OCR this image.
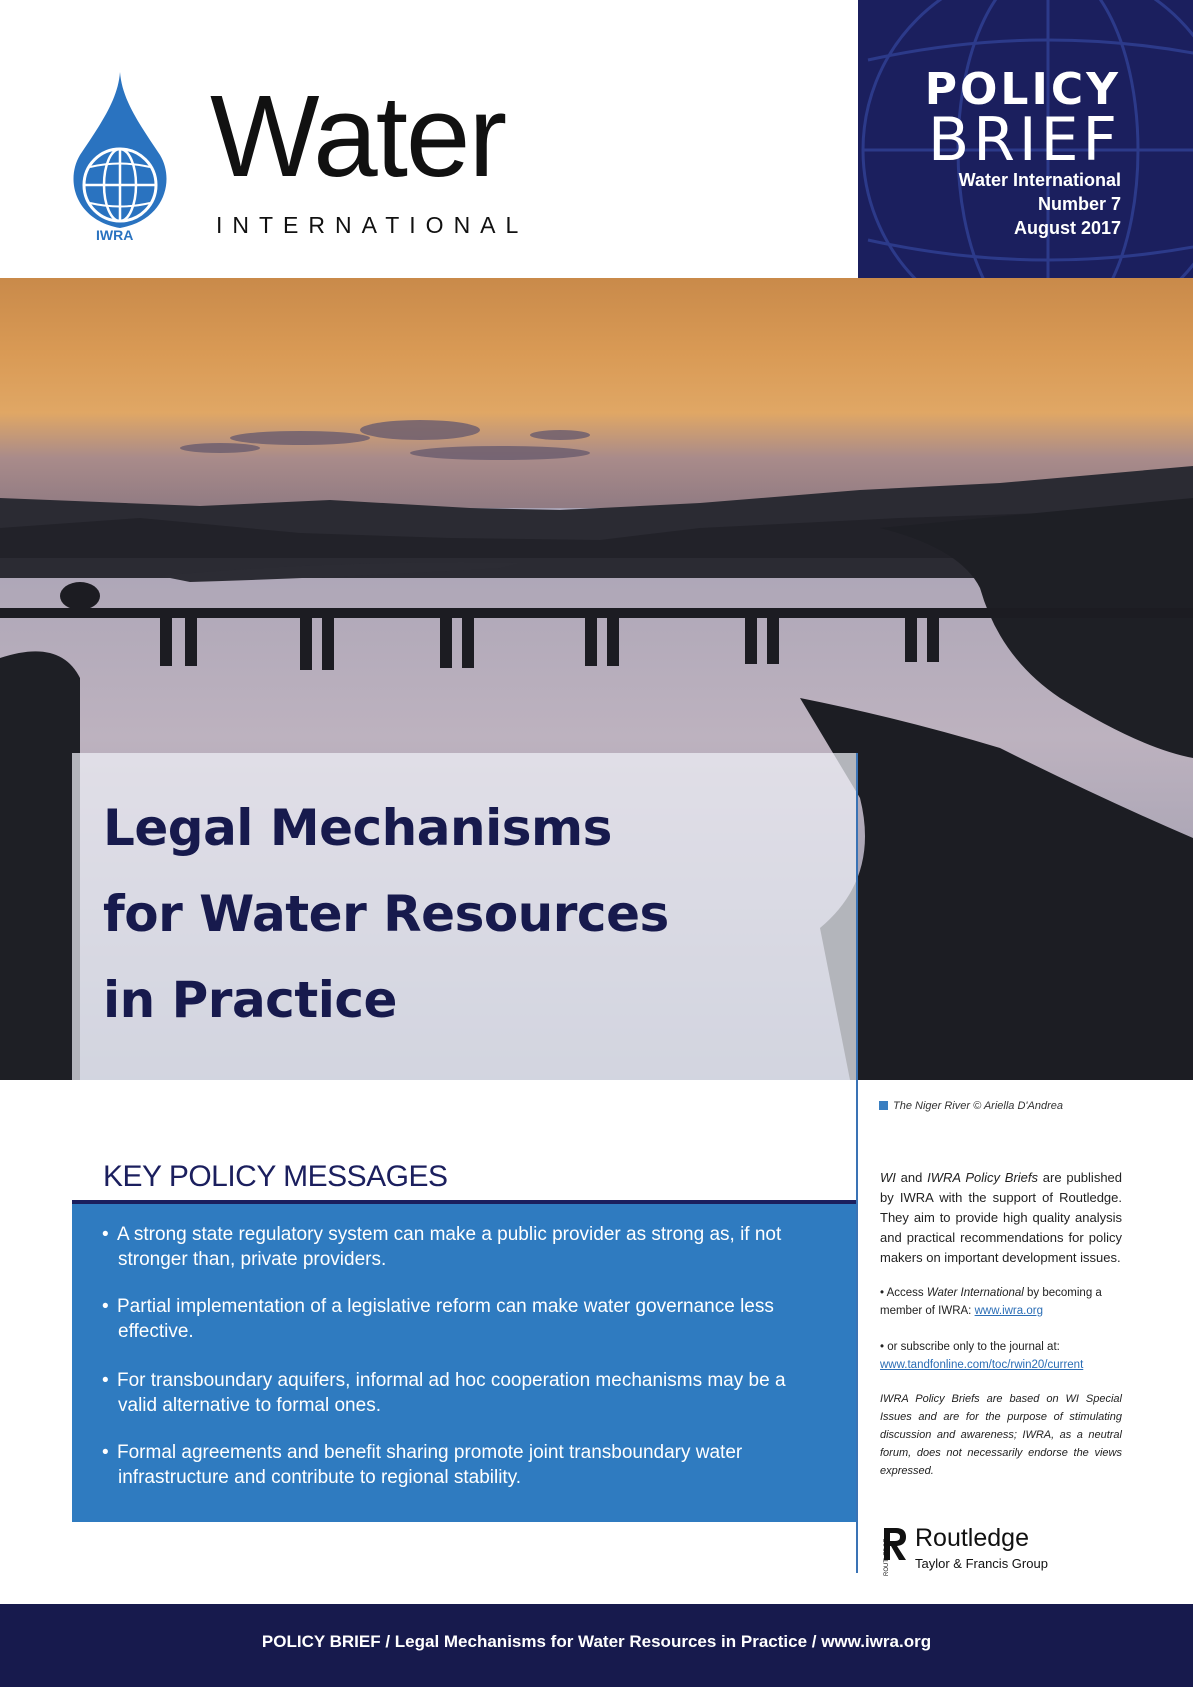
IWRA
Water
INTERNATIONAL
POLICY
BRIEF
Water International
Number 7
August 2017
Legal Mechanisms
for Water Resources
in Practice
The Niger River © Ariella D'Andrea
KEY POLICY MESSAGES
• A strong state regulatory system can make a public provider as strong as, if not
stronger than, private providers.
• Partial implementation of a legislative reform can make water governance less
effective.
• For transboundary aquifers, informal ad hoc cooperation mechanisms may be a
valid alternative to formal ones.
• Formal agreements and benefit sharing promote joint transboundary water
infrastructure and contribute to regional stability.
WI and IWRA Policy Briefs are published by IWRA with the support of Routledge. They aim to provide high quality analysis and practical recommendations for policy makers on important development issues.
• Access Water International by becoming a member of IWRA: www.iwra.org
• or subscribe only to the journal at:
www.tandfonline.com/toc/rwin20/current
IWRA Policy Briefs are based on WI Special Issues and are for the purpose of stimulating discussion and awareness; IWRA, as a neutral forum, does not necessarily endorse the views expressed.
ROUTLEDGE
Routledge
Taylor & Francis Group
POLICY BRIEF / Legal Mechanisms for Water Resources in Practice / www.iwra.org
